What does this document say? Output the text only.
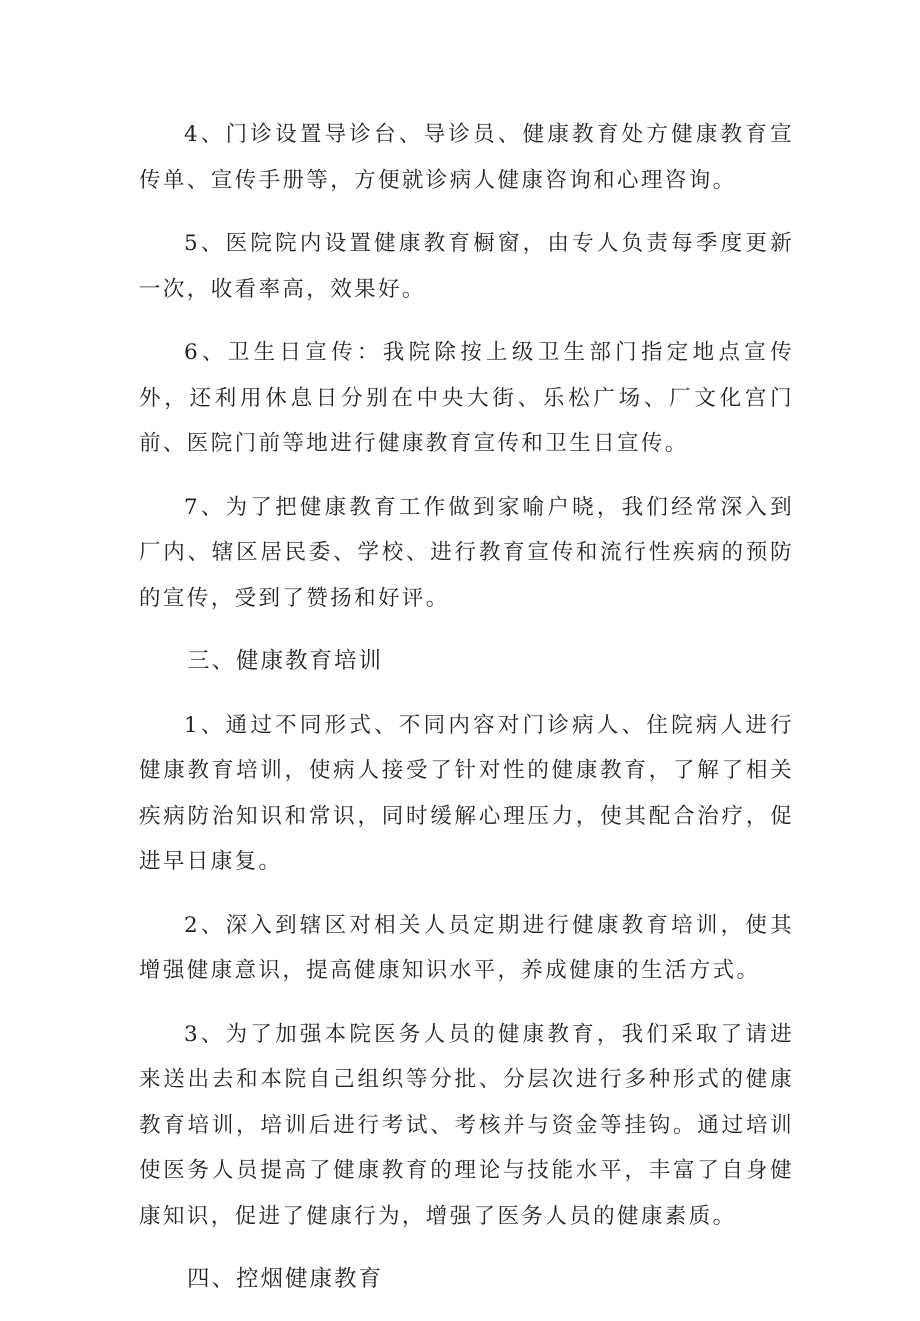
4、门诊设置导诊台、导诊员、健康教育处方健康教育宣传单、宣传手册等，方便就诊病人健康咨询和心理咨询。

5、医院院内设置健康教育橱窗，由专人负责每季度更新一次，收看率高，效果好。

6、卫生日宣传：我院除按上级卫生部门指定地点宣传外，还利用休息日分别在中央大街、乐松广场、厂文化宫门前、医院门前等地进行健康教育宣传和卫生日宣传。

7、为了把健康教育工作做到家喻户晓，我们经常深入到厂内、辖区居民委、学校、进行教育宣传和流行性疾病的预防的宣传，受到了赞扬和好评。

三、健康教育培训

1、通过不同形式、不同内容对门诊病人、住院病人进行健康教育培训，使病人接受了针对性的健康教育，了解了相关疾病防治知识和常识，同时缓解心理压力，使其配合治疗，促进早日康复。

2、深入到辖区对相关人员定期进行健康教育培训，使其增强健康意识，提高健康知识水平，养成健康的生活方式。

3、为了加强本院医务人员的健康教育，我们采取了请进来送出去和本院自己组织等分批、分层次进行多种形式的健康教育培训，培训后进行考试、考核并与资金等挂钩。通过培训使医务人员提高了健康教育的理论与技能水平，丰富了自身健康知识，促进了健康行为，增强了医务人员的健康素质。

四、控烟健康教育
